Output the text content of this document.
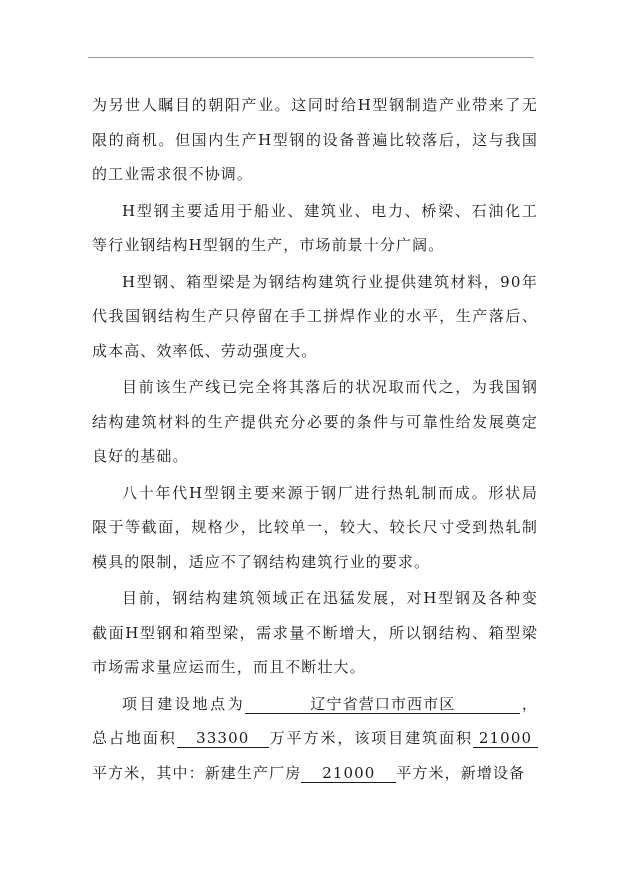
为另世人瞩目的朝阳产业。这同时给H型钢制造产业带来了无限的商机。但国内生产H型钢的设备普遍比较落后，这与我国的工业需求很不协调。

H型钢主要适用于船业、建筑业、电力、桥梁、石油化工等行业钢结构H型钢的生产，市场前景十分广阔。

H型钢、箱型梁是为钢结构建筑行业提供建筑材料，90年代我国钢结构生产只停留在手工拼焊作业的水平，生产落后、成本高、效率低、劳动强度大。

目前该生产线已完全将其落后的状况取而代之，为我国钢结构建筑材料的生产提供充分必要的条件与可靠性给发展奠定良好的基础。

八十年代H型钢主要来源于钢厂进行热轧制而成。形状局限于等截面，规格少，比较单一，较大、较长尺寸受到热轧制模具的限制，适应不了钢结构建筑行业的要求。

目前，钢结构建筑领域正在迅猛发展，对H型钢及各种变截面H型钢和箱型梁，需求量不断增大，所以钢结构、箱型梁市场需求量应运而生，而且不断壮大。

项目建设地点为	辽宁省营口市西市区	，总占地面积 33300 万平方米，该项目建筑面积 21000平方米，其中：新建生产厂房 21000 平方米，新增设备
